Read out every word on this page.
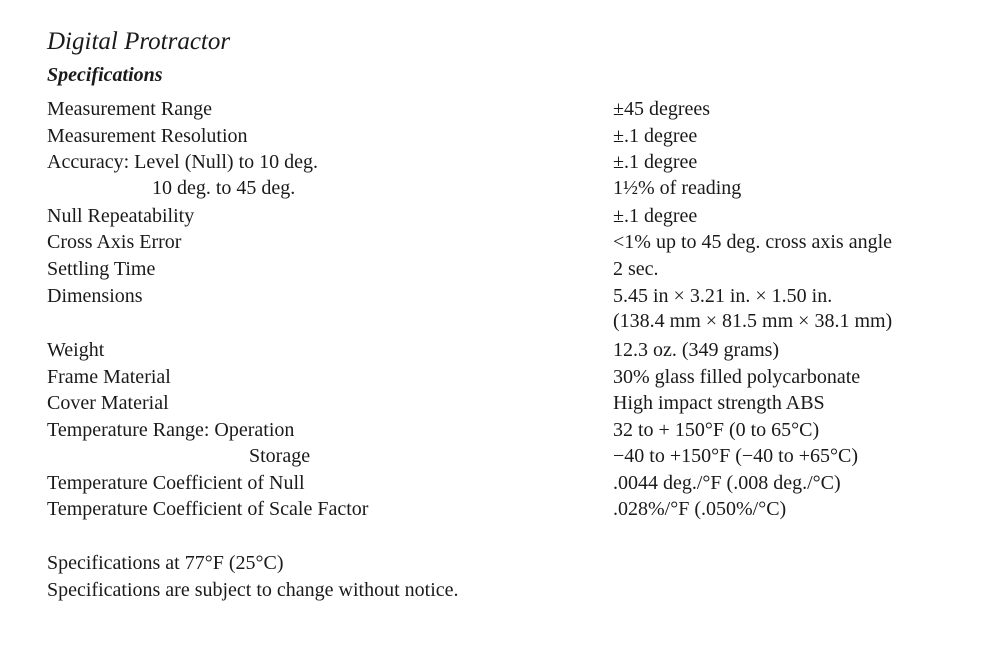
Digital Protractor
Specifications
Measurement Range	±45 degrees
Measurement Resolution	±.1 degree
Accuracy: Level (Null) to 10 deg.	±.1 degree
10 deg. to 45 deg.	1½% of reading
Null Repeatability	±.1 degree
Cross Axis Error	<1% up to 45 deg. cross axis angle
Settling Time	2 sec.
Dimensions	5.45 in × 3.21 in. × 1.50 in.
(138.4 mm × 81.5 mm × 38.1 mm)
Weight	12.3 oz. (349 grams)
Frame Material	30% glass filled polycarbonate
Cover Material	High impact strength ABS
Temperature Range: Operation	32 to + 150°F (0 to 65°C)
Storage	−40 to +150°F (−40 to +65°C)
Temperature Coefficient of Null	.0044 deg./°F (.008 deg./°C)
Temperature Coefficient of Scale Factor	.028%/°F (.050%/°C)
Specifications at 77°F (25°C)
Specifications are subject to change without notice.
